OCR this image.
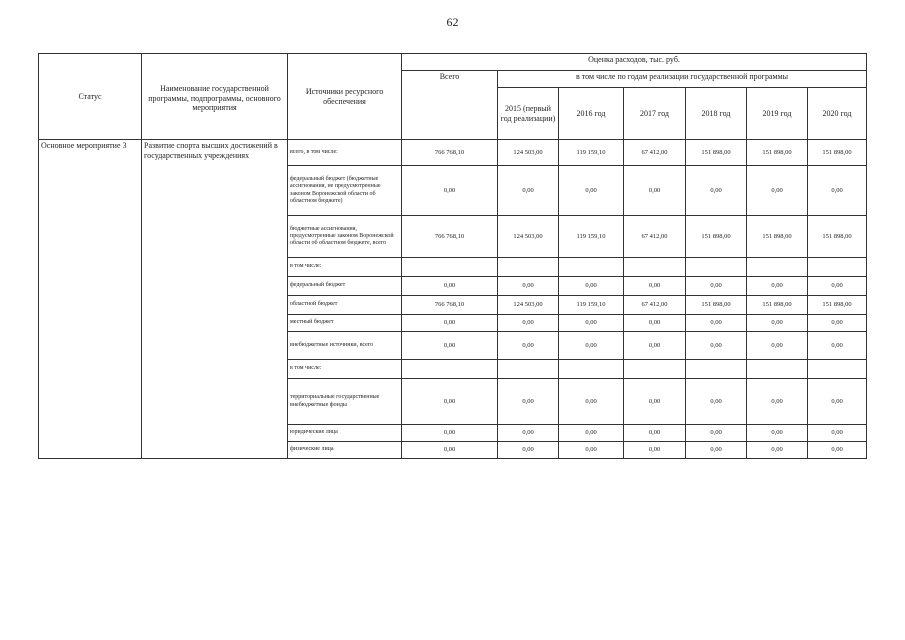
62
Статус	Наименование государственной программы, подпрограммы, основного мероприятия	Источники ресурсного обеспечения	Оценка расходов, тыс. руб.						
			Всего	в том числе по годам реализации государственной программы					
				2015 (первый год реализации)	2016 год	2017 год	2018 год	2019 год	2020 год
Основное мероприятие 3	Развитие спорта высших достижений в государственных учреждениях	всего, в том числе:	766 768,10	124 503,00	119 159,10	67 412,00	151 898,00	151 898,00	151 898,00
		федеральный бюджет (бюджетные ассигнования, не предусмотренные законом Воронежской области об областном бюджете)	0,00	0,00	0,00	0,00	0,00	0,00	0,00
		бюджетные ассигнования, предусмотренные законом Воронежской области об областном бюджете, всего	766 768,10	124 503,00	119 159,10	67 412,00	151 898,00	151 898,00	151 898,00
		в том числе:							
		федеральный бюджет	0,00	0,00	0,00	0,00	0,00	0,00	0,00
		областной бюджет	766 768,10	124 503,00	119 159,10	67 412,00	151 898,00	151 898,00	151 898,00
		местный бюджет	0,00	0,00	0,00	0,00	0,00	0,00	0,00
		внебюджетные источники, всего	0,00	0,00	0,00	0,00	0,00	0,00	0,00
		в том числе:							
		территориальные государственные внебюджетные фонды	0,00	0,00	0,00	0,00	0,00	0,00	0,00
		юридические лица	0,00	0,00	0,00	0,00	0,00	0,00	0,00
		физические лица	0,00	0,00	0,00	0,00	0,00	0,00	0,00
